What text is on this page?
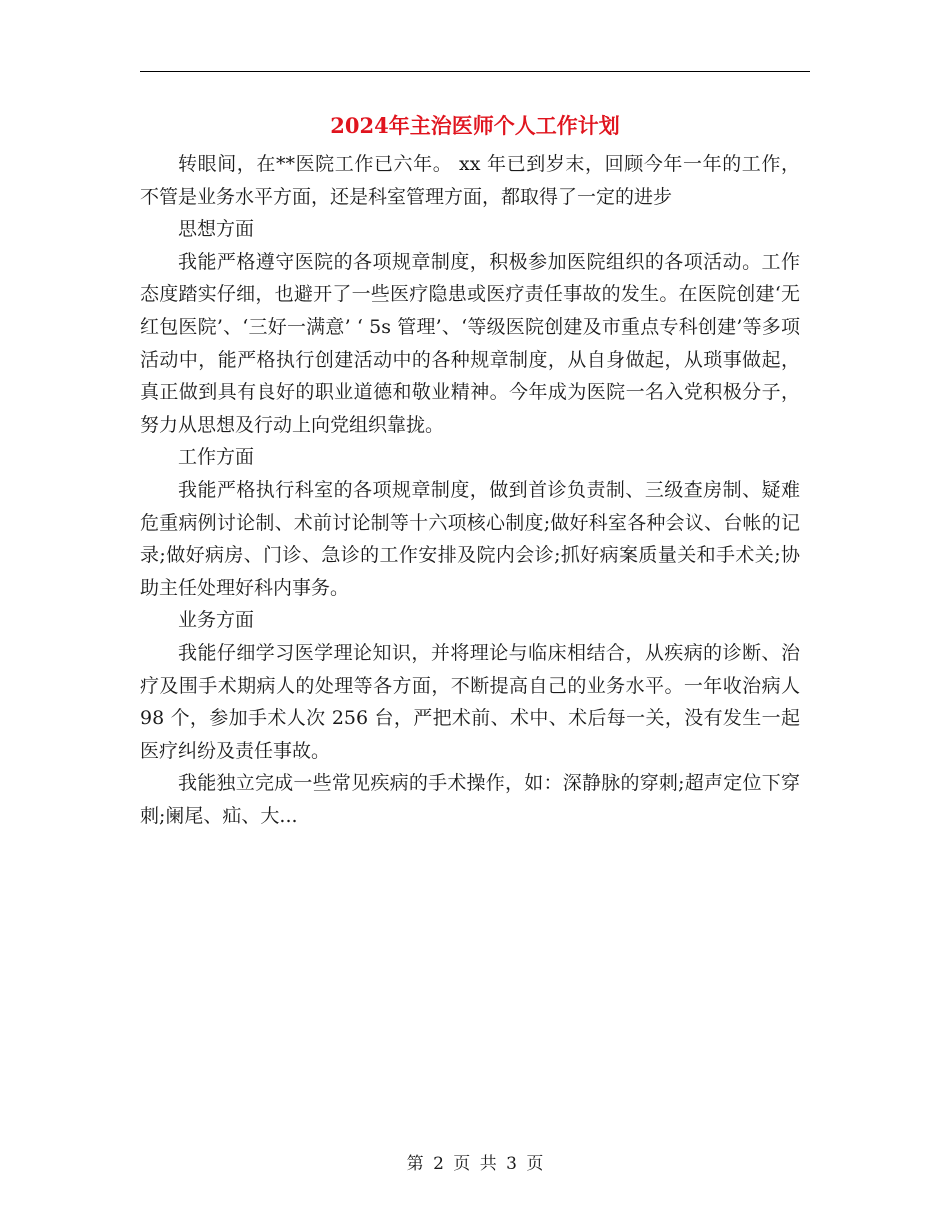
2024年主治医师个人工作计划

转眼间，在**医院工作已六年。 xx 年已到岁末，回顾今年一年的工作，不管是业务水平方面，还是科室管理方面，都取得了一定的进步

思想方面

我能严格遵守医院的各项规章制度，积极参加医院组织的各项活动。工作态度踏实仔细，也避开了一些医疗隐患或医疗责任事故的发生。在医院创建‘无红包医院’、‘三好一满意’ ‘ 5s 管理’、‘等级医院创建及市重点专科创建’等多项活动中，能严格执行创建活动中的各种规章制度，从自身做起，从琐事做起，真正做到具有良好的职业道德和敬业精神。今年成为医院一名入党积极分子，努力从思想及行动上向党组织靠拢。

工作方面

我能严格执行科室的各项规章制度，做到首诊负责制、三级查房制、疑难危重病例讨论制、术前讨论制等十六项核心制度;做好科室各种会议、台帐的记录;做好病房、门诊、急诊的工作安排及院内会诊;抓好病案质量关和手术关;协助主任处理好科内事务。

业务方面

我能仔细学习医学理论知识，并将理论与临床相结合，从疾病的诊断、治疗及围手术期病人的处理等各方面，不断提高自己的业务水平。一年收治病人 98 个，参加手术人次 256 台，严把术前、术中、术后每一关，没有发生一起医疗纠纷及责任事故。

我能独立完成一些常见疾病的手术操作，如：深静脉的穿刺;超声定位下穿刺;阑尾、疝、大...

第 2 页 共 3 页
